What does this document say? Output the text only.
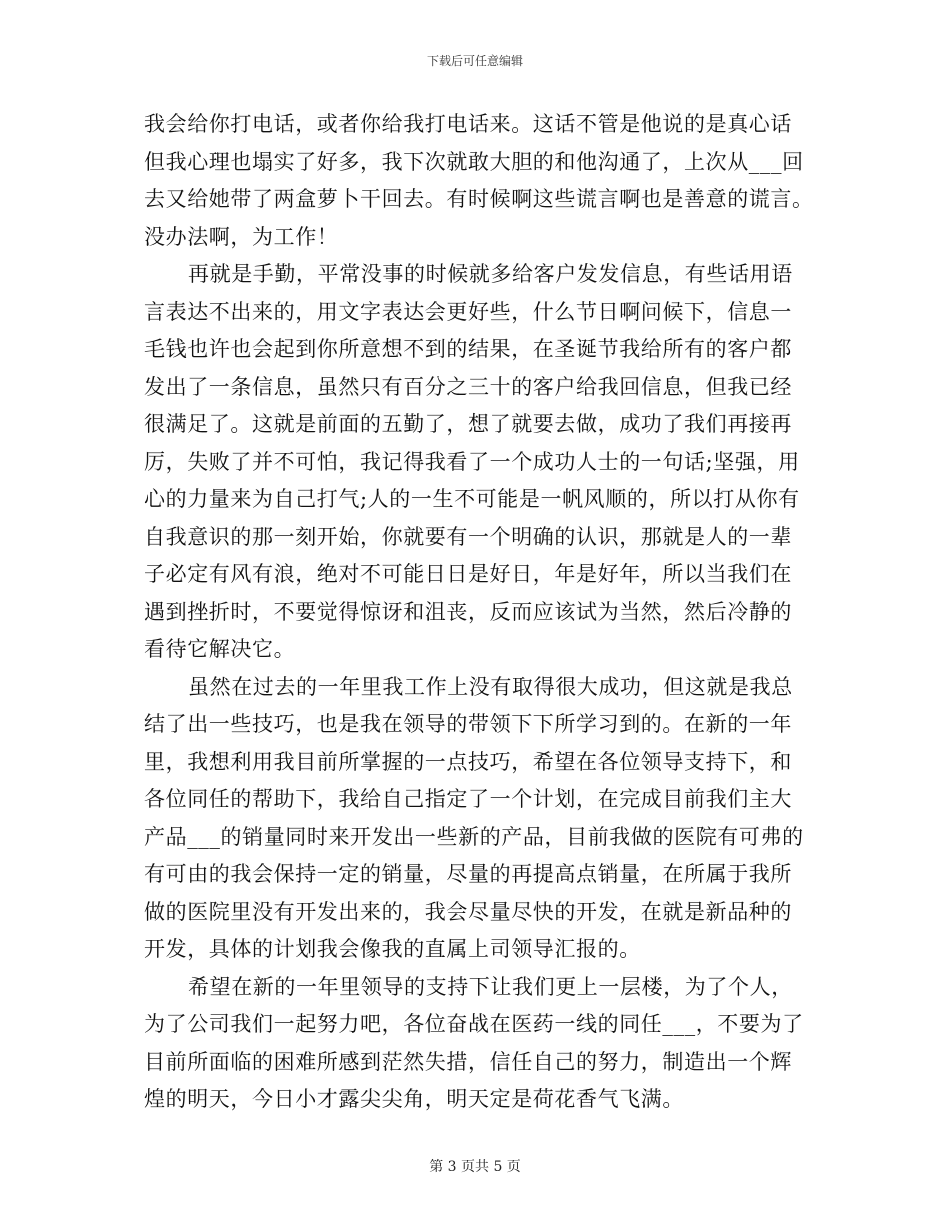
下载后可任意编辑
我会给你打电话，或者你给我打电话来。这话不管是他说的是真心话
但我心理也塌实了好多，我下次就敢大胆的和他沟通了，上次从___回
去又给她带了两盒萝卜干回去。有时候啊这些谎言啊也是善意的谎言。
没办法啊，为工作！
再就是手勤，平常没事的时候就多给客户发发信息，有些话用语
言表达不出来的，用文字表达会更好些，什么节日啊问候下，信息一
毛钱也许也会起到你所意想不到的结果，在圣诞节我给所有的客户都
发出了一条信息，虽然只有百分之三十的客户给我回信息，但我已经
很满足了。这就是前面的五勤了，想了就要去做，成功了我们再接再
厉，失败了并不可怕，我记得我看了一个成功人士的一句话;坚强，用
心的力量来为自己打气;人的一生不可能是一帆风顺的，所以打从你有
自我意识的那一刻开始，你就要有一个明确的认识，那就是人的一辈
子必定有风有浪，绝对不可能日日是好日，年是好年，所以当我们在
遇到挫折时，不要觉得惊讶和沮丧，反而应该试为当然，然后冷静的
看待它解决它。
虽然在过去的一年里我工作上没有取得很大成功，但这就是我总
结了出一些技巧，也是我在领导的带领下下所学习到的。在新的一年
里，我想利用我目前所掌握的一点技巧，希望在各位领导支持下，和
各位同任的帮助下，我给自己指定了一个计划，在完成目前我们主大
产品___的销量同时来开发出一些新的产品，目前我做的医院有可弗的
有可由的我会保持一定的销量，尽量的再提高点销量，在所属于我所
做的医院里没有开发出来的，我会尽量尽快的开发，在就是新品种的
开发，具体的计划我会像我的直属上司领导汇报的。
希望在新的一年里领导的支持下让我们更上一层楼，为了个人，
为了公司我们一起努力吧，各位奋战在医药一线的同任___，不要为了
目前所面临的困难所感到茫然失措，信任自己的努力，制造出一个辉
煌的明天，今日小才露尖尖角，明天定是荷花香气飞满。
第 3 页共 5 页
